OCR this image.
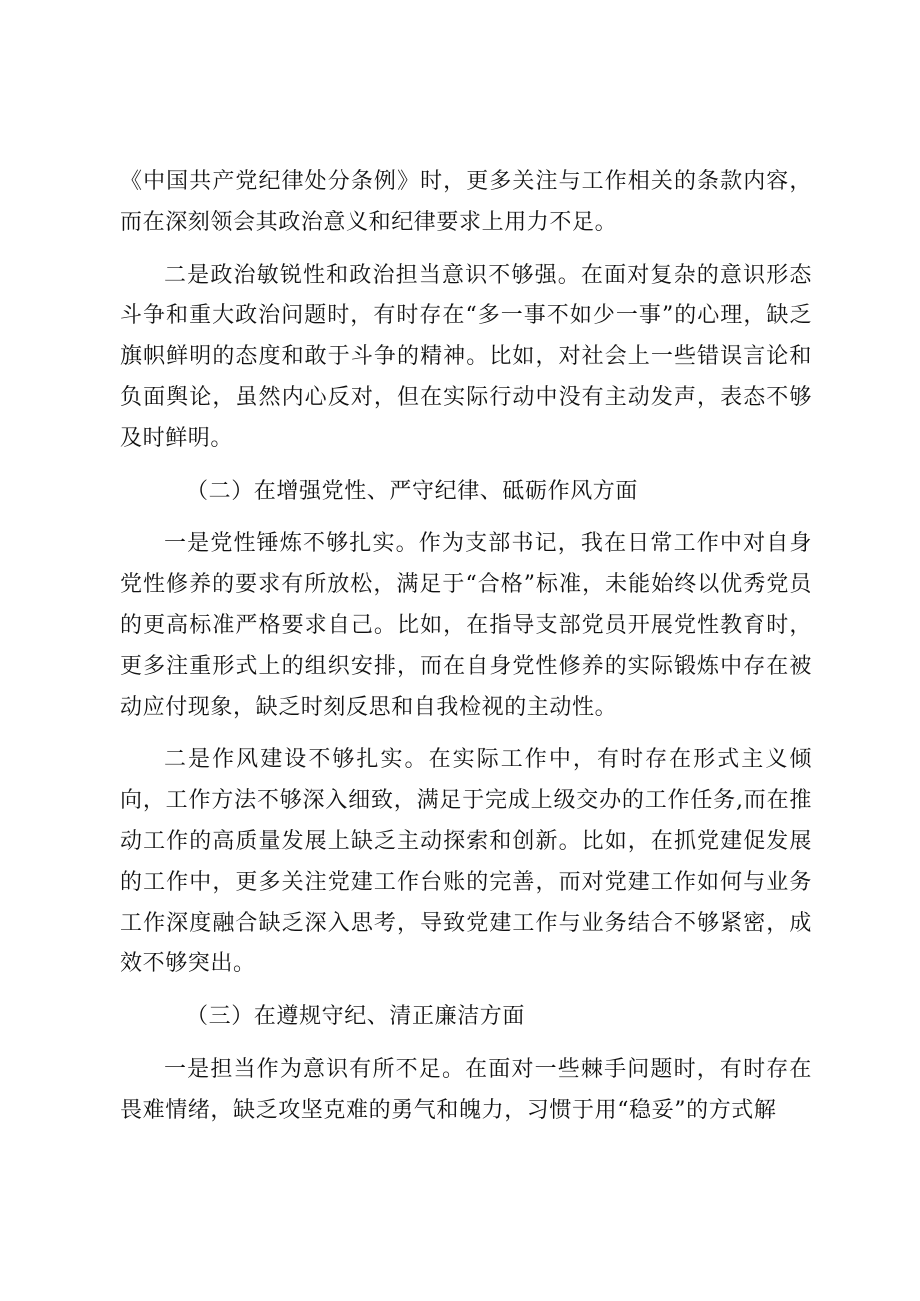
《中国共产党纪律处分条例》时，更多关注与工作相关的条款内容，而在深刻领会其政治意义和纪律要求上用力不足。

二是政治敏锐性和政治担当意识不够强。在面对复杂的意识形态斗争和重大政治问题时，有时存在“多一事不如少一事”的心理，缺乏旗帜鲜明的态度和敢于斗争的精神。比如，对社会上一些错误言论和负面舆论，虽然内心反对，但在实际行动中没有主动发声，表态不够及时鲜明。

（二）在增强党性、严守纪律、砥砺作风方面

一是党性锤炼不够扎实。作为支部书记，我在日常工作中对自身党性修养的要求有所放松，满足于“合格”标准，未能始终以优秀党员的更高标准严格要求自己。比如，在指导支部党员开展党性教育时，更多注重形式上的组织安排，而在自身党性修养的实际锻炼中存在被动应付现象，缺乏时刻反思和自我检视的主动性。

二是作风建设不够扎实。在实际工作中，有时存在形式主义倾向，工作方法不够深入细致，满足于完成上级交办的工作任务,而在推动工作的高质量发展上缺乏主动探索和创新。比如，在抓党建促发展的工作中，更多关注党建工作台账的完善，而对党建工作如何与业务工作深度融合缺乏深入思考，导致党建工作与业务结合不够紧密，成效不够突出。

（三）在遵规守纪、清正廉洁方面

一是担当作为意识有所不足。在面对一些棘手问题时，有时存在畏难情绪，缺乏攻坚克难的勇气和魄力，习惯于用“稳妥”的方式解
